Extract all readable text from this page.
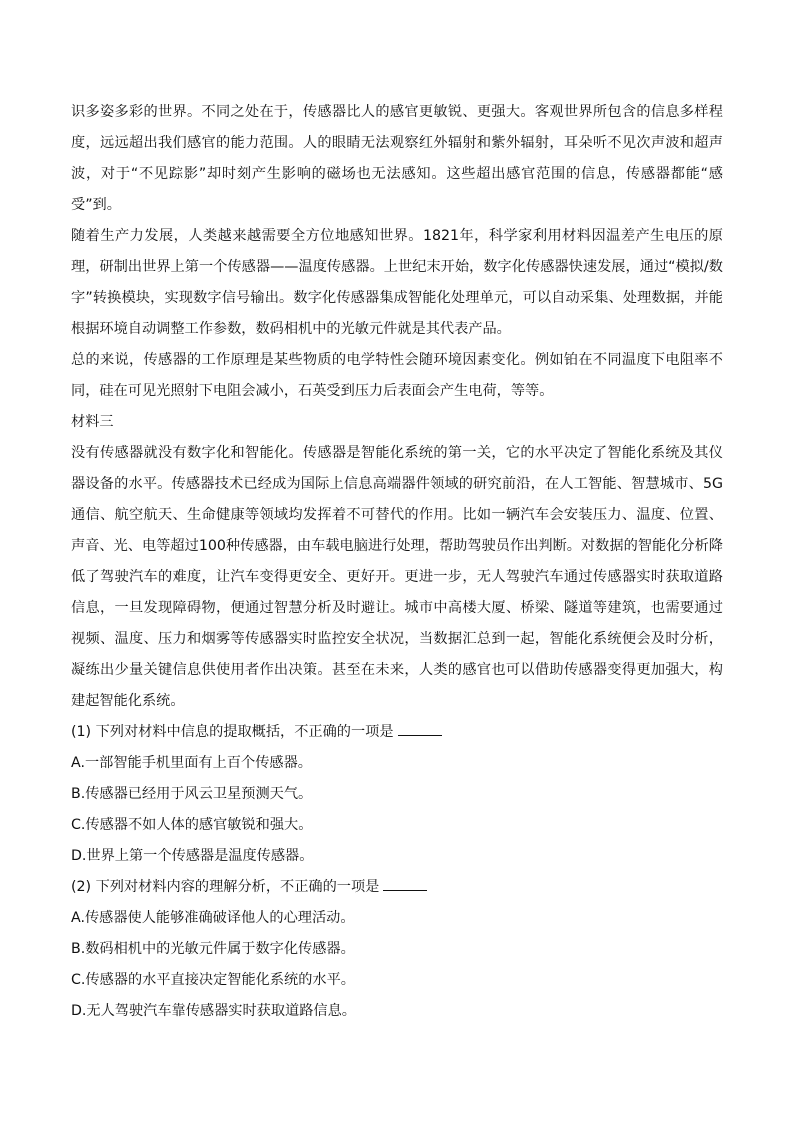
识多姿多彩的世界。不同之处在于，传感器比人的感官更敏锐、更强大。客观世界所包含的信息多样程度，远远超出我们感官的能力范围。人的眼睛无法观察红外辐射和紫外辐射，耳朵听不见次声波和超声波，对于“不见踪影”却时刻产生影响的磁场也无法感知。这些超出感官范围的信息，传感器都能“感受”到。

随着生产力发展，人类越来越需要全方位地感知世界。1821年，科学家利用材料因温差产生电压的原理，研制出世界上第一个传感器——温度传感器。上世纪末开始，数字化传感器快速发展，通过“模拟/数字”转换模块，实现数字信号输出。数字化传感器集成智能化处理单元，可以自动采集、处理数据，并能根据环境自动调整工作参数，数码相机中的光敏元件就是其代表产品。

总的来说，传感器的工作原理是某些物质的电学特性会随环境因素变化。例如铂在不同温度下电阻率不同，硅在可见光照射下电阻会减小，石英受到压力后表面会产生电荷，等等。

材料三

没有传感器就没有数字化和智能化。传感器是智能化系统的第一关，它的水平决定了智能化系统及其仪器设备的水平。传感器技术已经成为国际上信息高端器件领域的研究前沿，在人工智能、智慧城市、5G通信、航空航天、生命健康等领域均发挥着不可替代的作用。比如一辆汽车会安装压力、温度、位置、声音、光、电等超过100种传感器，由车载电脑进行处理，帮助驾驶员作出判断。对数据的智能化分析降低了驾驶汽车的难度，让汽车变得更安全、更好开。更进一步，无人驾驶汽车通过传感器实时获取道路信息，一旦发现障碍物，便通过智慧分析及时避让。城市中高楼大厦、桥梁、隧道等建筑，也需要通过视频、温度、压力和烟雾等传感器实时监控安全状况，当数据汇总到一起，智能化系统便会及时分析，凝练出少量关键信息供使用者作出决策。甚至在未来，人类的感官也可以借助传感器变得更加强大，构建起智能化系统。

(1) 下列对材料中信息的提取概括，不正确的一项是

A.一部智能手机里面有上百个传感器。

B.传感器已经用于风云卫星预测天气。

C.传感器不如人体的感官敏锐和强大。

D.世界上第一个传感器是温度传感器。

(2) 下列对材料内容的理解分析，不正确的一项是

A.传感器使人能够准确破译他人的心理活动。

B.数码相机中的光敏元件属于数字化传感器。

C.传感器的水平直接决定智能化系统的水平。

D.无人驾驶汽车靠传感器实时获取道路信息。
